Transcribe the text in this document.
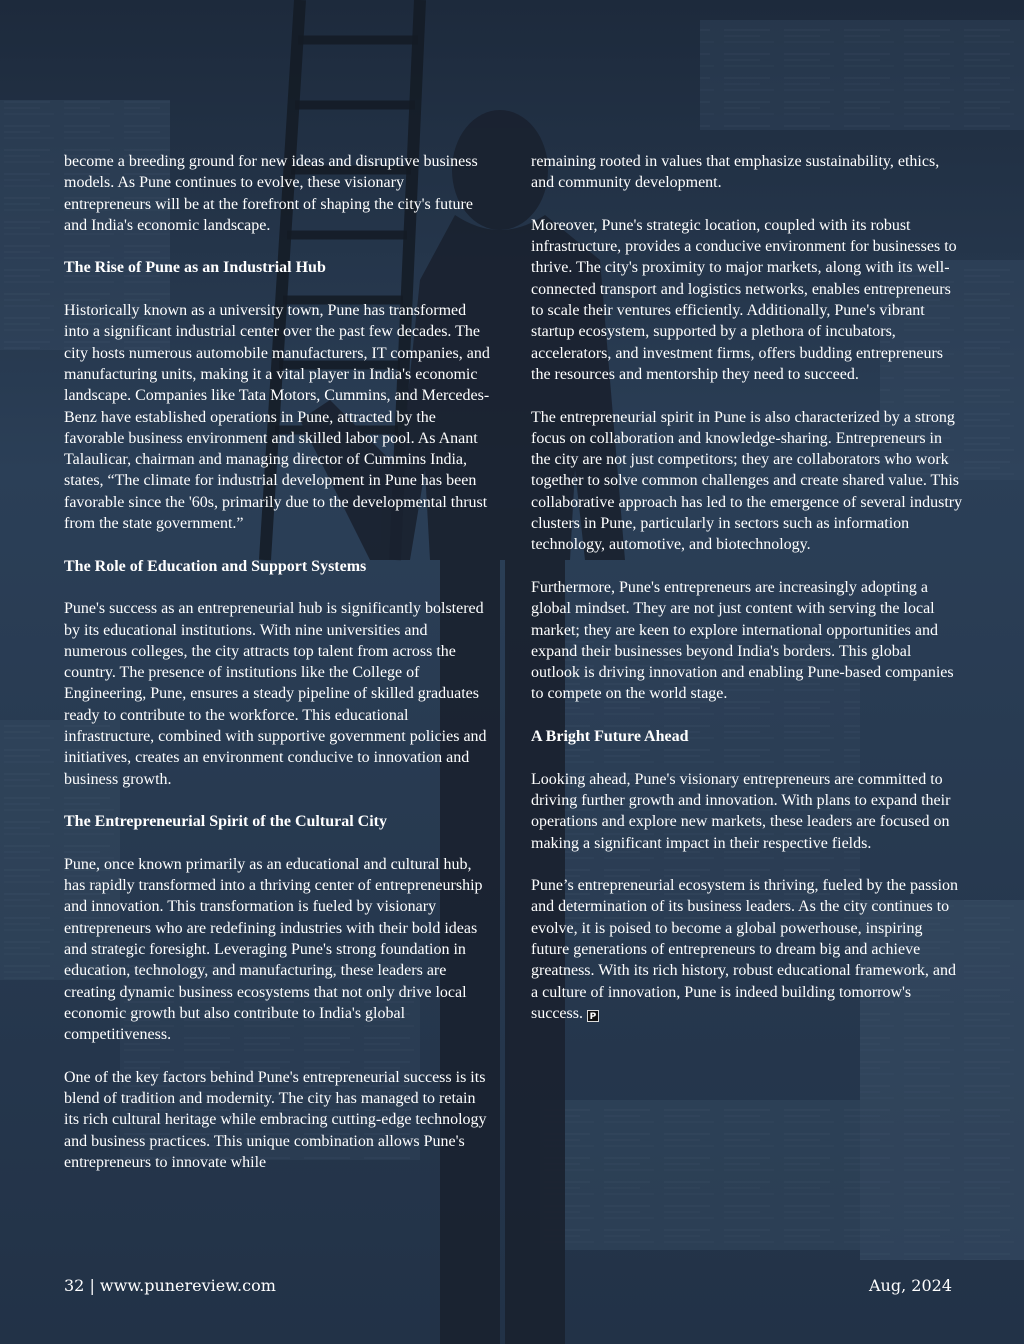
become a breeding ground for new ideas and disruptive business models. As Pune continues to evolve, these visionary entrepreneurs will be at the forefront of shaping the city's future and India's economic landscape.

The Rise of Pune as an Industrial Hub

Historically known as a university town, Pune has transformed into a significant industrial center over the past few decades. The city hosts numerous automobile manufacturers, IT companies, and manufacturing units, making it a vital player in India's economic landscape. Companies like Tata Motors, Cummins, and Mercedes-Benz have established operations in Pune, attracted by the favorable business environment and skilled labor pool. As Anant Talaulicar, chairman and managing director of Cummins India, states, “The climate for industrial development in Pune has been favorable since the '60s, primarily due to the developmental thrust from the state government.”

The Role of Education and Support Systems

Pune's success as an entrepreneurial hub is significantly bolstered by its educational institutions. With nine universities and numerous colleges, the city attracts top talent from across the country. The presence of institutions like the College of Engineering, Pune, ensures a steady pipeline of skilled graduates ready to contribute to the workforce. This educational infrastructure, combined with supportive government policies and initiatives, creates an environment conducive to innovation and business growth.

The Entrepreneurial Spirit of the Cultural City

Pune, once known primarily as an educational and cultural hub, has rapidly transformed into a thriving center of entrepreneurship and innovation. This transformation is fueled by visionary entrepreneurs who are redefining industries with their bold ideas and strategic foresight. Leveraging Pune's strong foundation in education, technology, and manufacturing, these leaders are creating dynamic business ecosystems that not only drive local economic growth but also contribute to India's global competitiveness.

One of the key factors behind Pune's entrepreneurial success is its blend of tradition and modernity. The city has managed to retain its rich cultural heritage while embracing cutting-edge technology and business practices. This unique combination allows Pune's entrepreneurs to innovate while

remaining rooted in values that emphasize sustainability, ethics, and community development.

Moreover, Pune's strategic location, coupled with its robust infrastructure, provides a conducive environment for businesses to thrive. The city's proximity to major markets, along with its well-connected transport and logistics networks, enables entrepreneurs to scale their ventures efficiently. Additionally, Pune's vibrant startup ecosystem, supported by a plethora of incubators, accelerators, and investment firms, offers budding entrepreneurs the resources and mentorship they need to succeed.

The entrepreneurial spirit in Pune is also characterized by a strong focus on collaboration and knowledge-sharing. Entrepreneurs in the city are not just competitors; they are collaborators who work together to solve common challenges and create shared value. This collaborative approach has led to the emergence of several industry clusters in Pune, particularly in sectors such as information technology, automotive, and biotechnology.

Furthermore, Pune's entrepreneurs are increasingly adopting a global mindset. They are not just content with serving the local market; they are keen to explore international opportunities and expand their businesses beyond India's borders. This global outlook is driving innovation and enabling Pune-based companies to compete on the world stage.

A Bright Future Ahead

Looking ahead, Pune's visionary entrepreneurs are committed to driving further growth and innovation. With plans to expand their operations and explore new markets, these leaders are focused on making a significant impact in their respective fields.

Pune’s entrepreneurial ecosystem is thriving, fueled by the passion and determination of its business leaders. As the city continues to evolve, it is poised to become a global powerhouse, inspiring future generations of entrepreneurs to dream big and achieve greatness. With its rich history, robust educational framework, and a culture of innovation, Pune is indeed building tomorrow's success. P

32 | www.punereview.com	Aug, 2024
